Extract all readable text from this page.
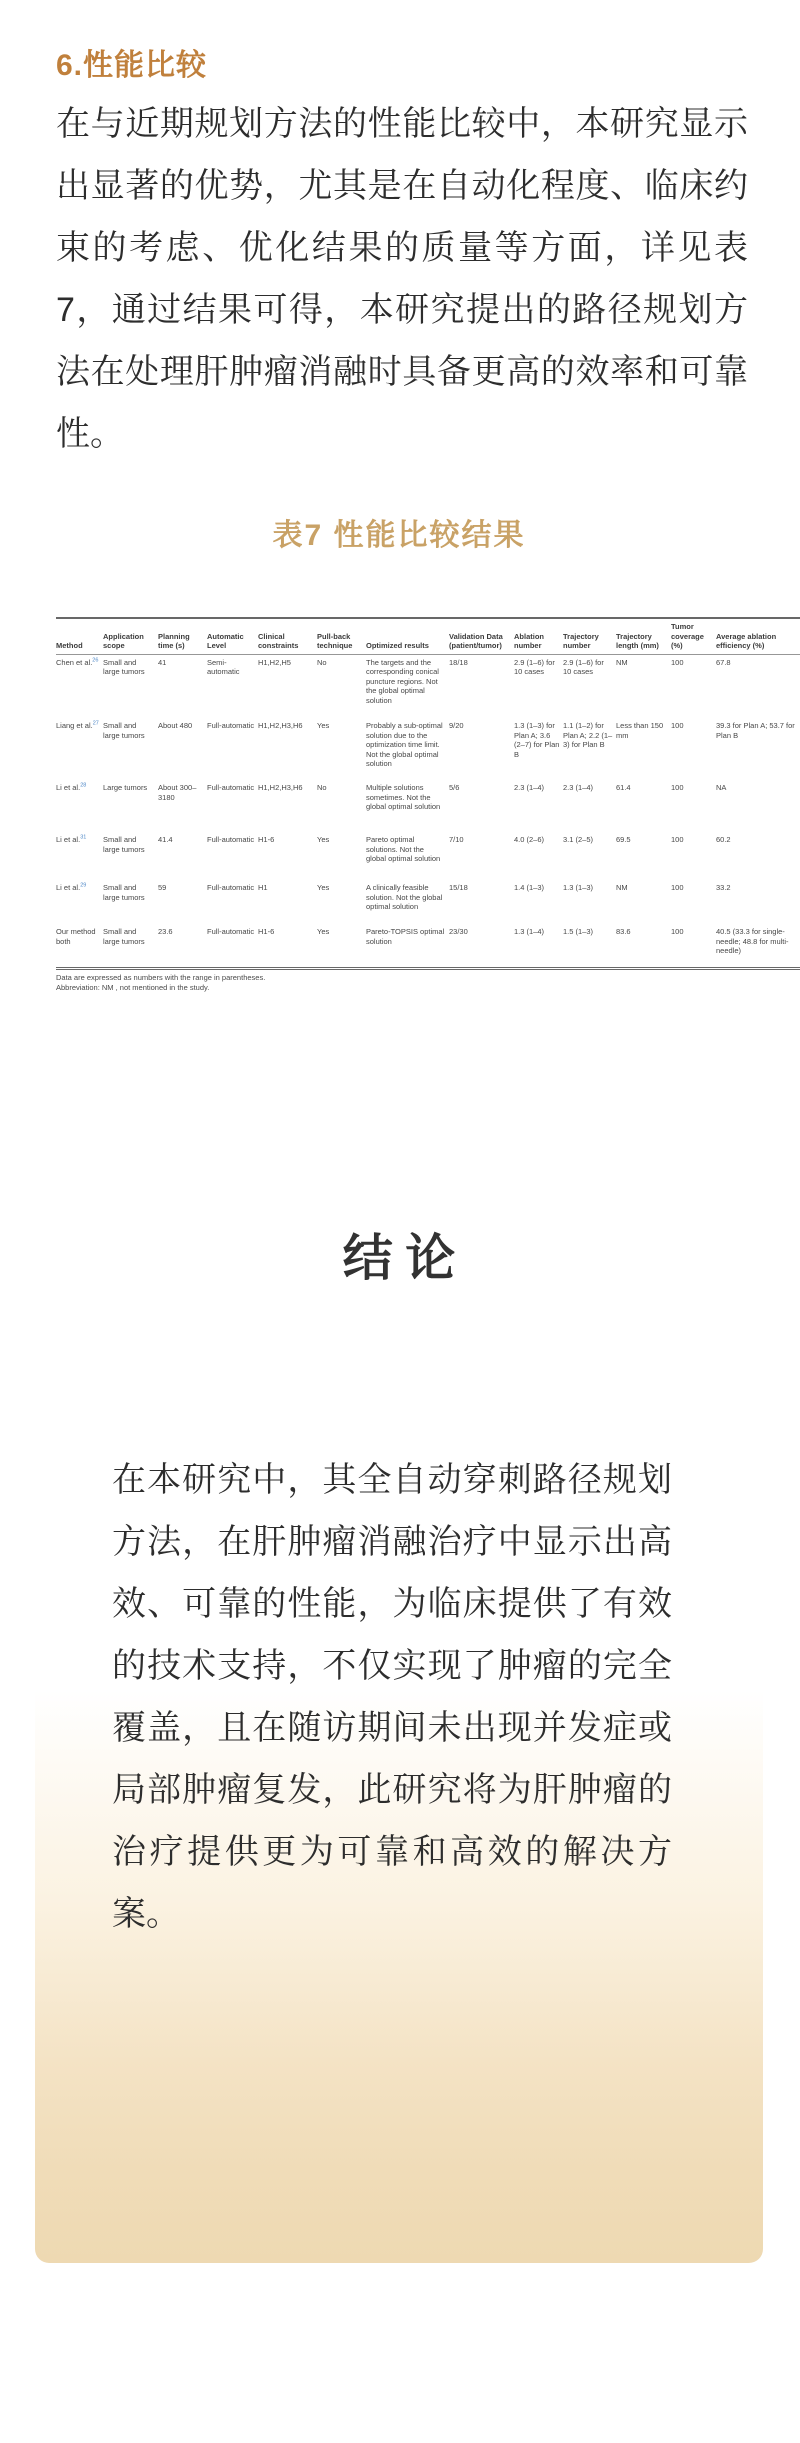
6.性能比较

在与近期规划方法的性能比较中，本研究显示出显著的优势，尤其是在自动化程度、临床约束的考虑、优化结果的质量等方面，详见表7，通过结果可得，本研究提出的路径规划方法在处理肝肿瘤消融时具备更高的效率和可靠性。

表7 性能比较结果
Method	Application scope	Planning time (s)	Automatic Level	Clinical constraints	Pull-back technique	Optimized results	Validation Data (patient/tumor)	Ablation number	Trajectory number	Trajectory length (mm)	Tumor coverage (%)	Average ablation efficiency (%)
Chen et al.$^{26}$	Small and large tumors	41	Semi-automatic	H1,H2,H5	No	The targets and the corresponding conical puncture regions. Not the global optimal solution	18/18	2.9 (1–6) for 10 cases	2.9 (1–6) for 10 cases	NM	100	67.8
Liang et al.$^{27}$	Small and large tumors	About 480	Full-automatic	H1,H2,H3,H6	Yes	Probably a sub-optimal solution due to the optimization time limit. Not the global optimal solution	9/20	1.3 (1–3) for Plan A; 3.6 (2–7) for Plan B	1.1 (1–2) for Plan A; 2.2 (1–3) for Plan B	Less than 150 mm	100	39.3 for Plan A; 53.7 for Plan B
Li et al.$^{28}$	Large tumors	About 300–3180	Full-automatic	H1,H2,H3,H6	No	Multiple solutions sometimes. Not the global optimal solution	5/6	2.3 (1–4)	2.3 (1–4)	61.4	100	NA
Li et al.$^{31}$	Small and large tumors	41.4	Full-automatic	H1-6	Yes	Pareto optimal solutions. Not the global optimal solution	7/10	4.0 (2–6)	3.1 (2–5)	69.5	100	60.2
Li et al.$^{29}$	Small and large tumors	59	Full-automatic	H1	Yes	A clinically feasible solution. Not the global optimal solution	15/18	1.4 (1–3)	1.3 (1–3)	NM	100	33.2
Our method both	Small and large tumors	23.6	Full-automatic	H1-6	Yes	Pareto-TOPSIS optimal solution	23/30	1.3 (1–4)	1.5 (1–3)	83.6	100	40.5 (33.3 for single-needle; 48.8 for multi-needle)
Data are expressed as numbers with the range in parentheses.
Abbreviation: NM , not mentioned in the study.
结 论

在本研究中，其全自动穿刺路径规划方法，在肝肿瘤消融治疗中显示出高效、可靠的性能，为临床提供了有效的技术支持，不仅实现了肿瘤的完全覆盖，且在随访期间未出现并发症或局部肿瘤复发，此研究将为肝肿瘤的治疗提供更为可靠和高效的解决方案。
